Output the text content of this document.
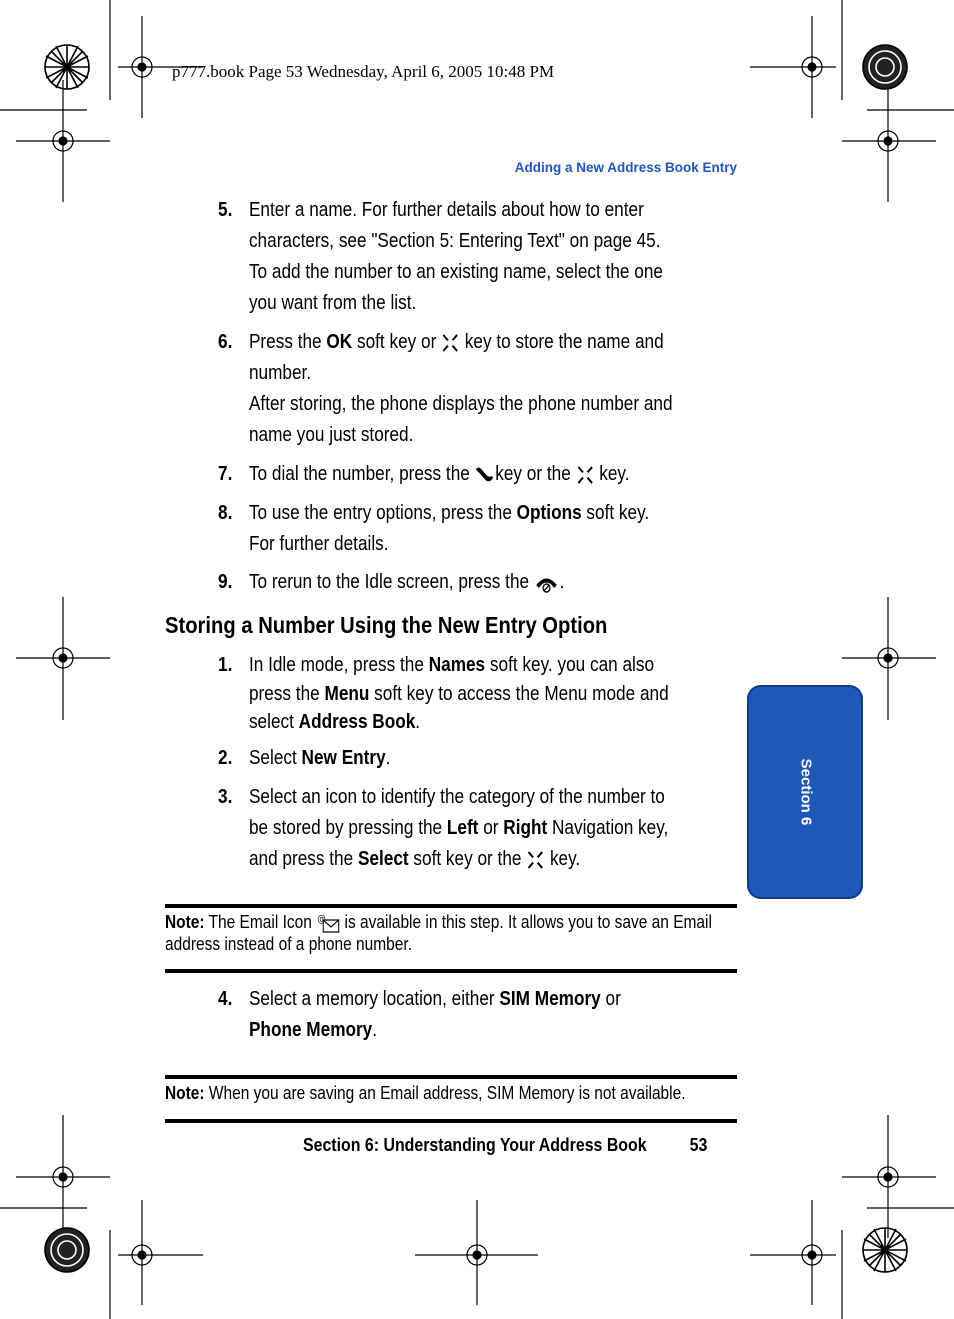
p777.book Page 53 Wednesday, April 6, 2005 10:48 PM
Adding a New Address Book Entry
5. Enter a name. For further details about how to enter characters, see "Section 5: Entering Text" on page 45. To add the number to an existing name, select the one you want from the list.
6. Press the OK soft key or  key to store the name and number.
After storing, the phone displays the phone number and name you just stored.
7. To dial the number, press the key or the  key.
8. To use the entry options, press the Options soft key. For further details.
9. To rerun to the Idle screen, press the .
Storing a Number Using the New Entry Option
1. In Idle mode, press the Names soft key. you can also press the Menu soft key to access the Menu mode and select Address Book.
2. Select New Entry.
3. Select an icon to identify the category of the number to be stored by pressing the Left or Right Navigation key, and press the Select soft key or the  key.
Note: The Email Icon @ is available in this step. It allows you to save an Email address instead of a phone number.
4. Select a memory location, either SIM Memory or Phone Memory.
Note: When you are saving an Email address, SIM Memory is not available.
Section 6: Understanding Your Address Book 53
Section 6
